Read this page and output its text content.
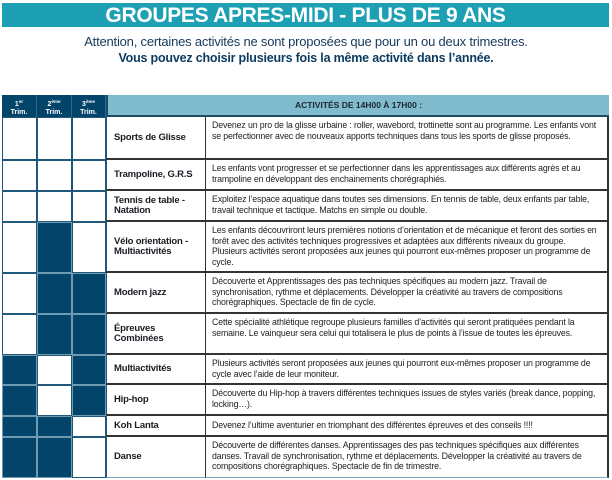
GROUPES APRES-MIDI - PLUS DE 9 ANS
Attention, certaines activités ne sont proposées que pour un ou deux trimestres.
Vous pouvez choisir plusieurs fois la même activité dans l’année.
1er
Trim.
2ème
Trim.
3ème
Trim.
ACTIVITÉS DE 14H00 À 17H00 :
Sports de Glisse
Devenez un pro de la glisse urbaine : roller, wavebord, trottinette sont au programme. Les enfants vont se perfectionner avec de nouveaux apports techniques dans tous les sports de glisse proposés.
Trampoline, G.R.S
Les enfants vont progresser et se perfectionner dans les apprentissages aux différents agrès et au trampoline en développant des enchainements chorégraphiés.
Tennis de table -
Natation
Exploitez l’espace aquatique dans toutes ses dimensions. En tennis de table, deux enfants par table, travail technique et tactique. Matchs en simple ou double.
Vélo orientation -
Multiactivités
Les enfants découvriront leurs premières notions d’orientation et de mécanique et feront des sorties en forêt avec des activités techniques progressives et adaptées aux différents niveaux du groupe. Plusieurs activités seront proposées aux jeunes qui pourront eux-mêmes proposer un programme de cycle.
Modern jazz
Découverte et Apprentissages des pas techniques spécifiques au modern jazz. Travail de synchronisation, rythme et déplacements. Développer la créativité au travers de compositions chorégraphiques. Spectacle de fin de cycle.
Épreuves
Combinées
Cette spécialité athlétique regroupe plusieurs familles d’activités qui seront pratiquées pendant la semaine. Le vainqueur sera celui qui totalisera le plus de points à l’issue de toutes les épreuves.
Multiactivités	Plusieurs activités seront proposées aux jeunes qui pourront eux-mêmes proposer un programme de cycle avec l’aide de leur moniteur.
Hip-hop
Découverte du Hip-hop à travers différentes techniques issues de styles variés (break dance, popping, locking…).
Koh Lanta	Devenez l’ultime aventurier en triomphant des différentes épreuves et des conseils !!!!
Danse
Découverte de différentes danses. Apprentissages des pas techniques spécifiques aux différentes danses. Travail de synchronisation, rythme et déplacements. Développer la créativité au travers de compositions chorégraphiques. Spectacle de fin de trimestre.
